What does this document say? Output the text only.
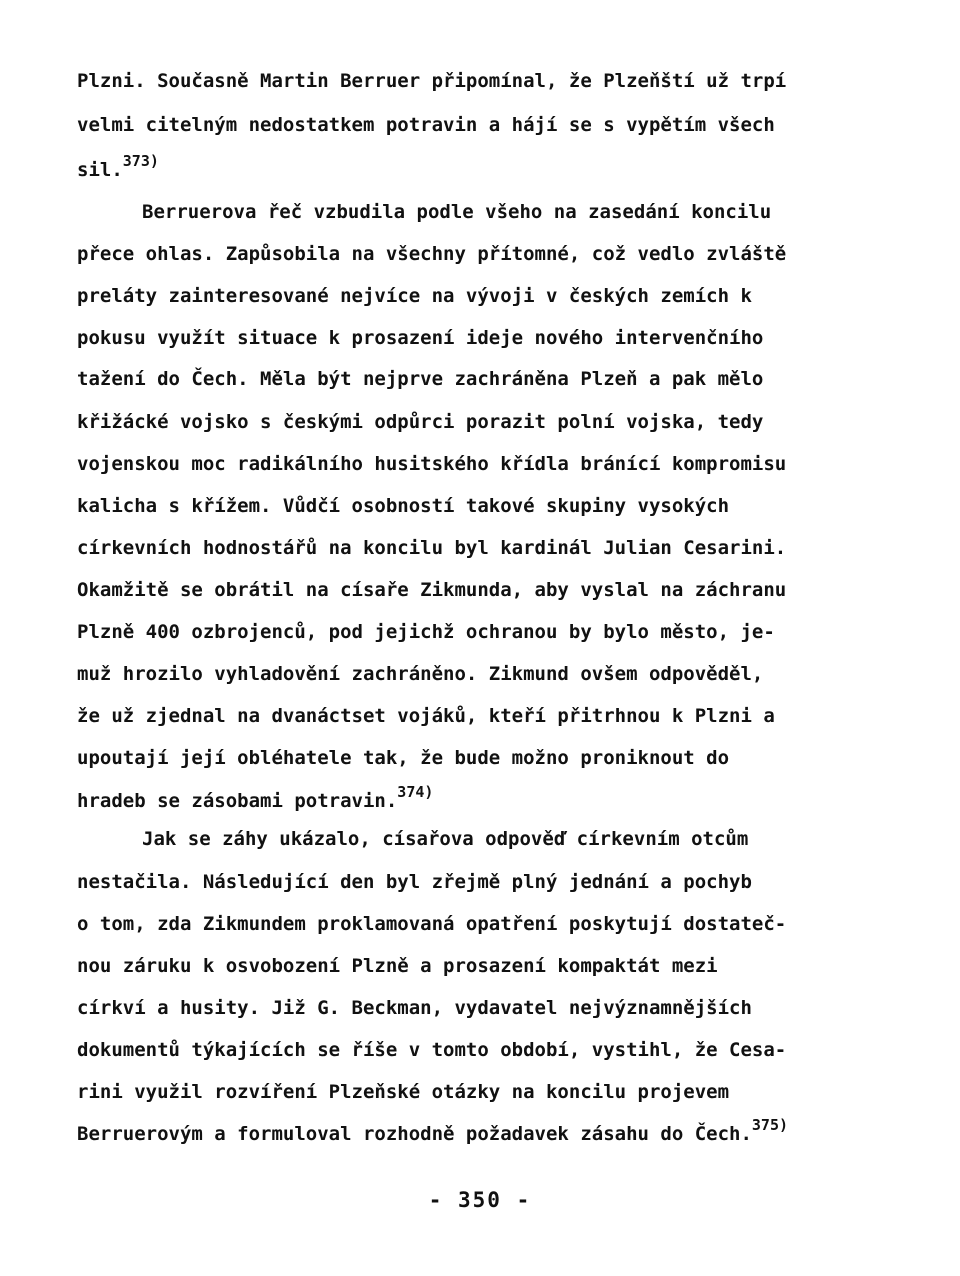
Plzni. Současně Martin Berruer připomínal, že Plzeňští už trpí
velmi citelným nedostatkem potravin a hájí se s vypětím všech
sil.$^{373)}$
Berruerova řeč vzbudila podle všeho na zasedání koncilu
přece ohlas. Zapůsobila na všechny přítomné, což vedlo zvláště
preláty zainteresované nejvíce na vývoji v českých zemích k
pokusu využít situace k prosazení ideje nového intervenčního
tažení do Čech. Měla být nejprve zachráněna Plzeň a pak mělo
křižácké vojsko s českými odpůrci porazit polní vojska, tedy
vojenskou moc radikálního husitského křídla bránící kompromisu
kalicha s křížem. Vůdčí osobností takové skupiny vysokých
církevních hodnostářů na koncilu byl kardinál Julian Cesarini.
Okamžitě se obrátil na císaře Zikmunda, aby vyslal na záchranu
Plzně 400 ozbrojenců, pod jejichž ochranou by bylo město, je-
muž hrozilo vyhladovění zachráněno. Zikmund ovšem odpověděl,
že už zjednal na dvanáctset vojáků, kteří přitrhnou k Plzni a
upoutají její obléhatele tak, že bude možno proniknout do
hradeb se zásobami potravin.$^{374)}$
Jak se záhy ukázalo, císařova odpověď církevním otcům
nestačila. Následující den byl zřejmě plný jednání a pochyb
o tom, zda Zikmundem proklamovaná opatření poskytují dostateč-
nou záruku k osvobození Plzně a prosazení kompaktát mezi
církví a husity. Již G. Beckman, vydavatel nejvýznamnějších
dokumentů týkajících se říše v tomto období, vystihl, že Cesa-
rini využil rozvíření Plzeňské otázky na koncilu projevem
Berruerovým a formuloval rozhodně požadavek zásahu do Čech.$^{375)}$
- 350 -
